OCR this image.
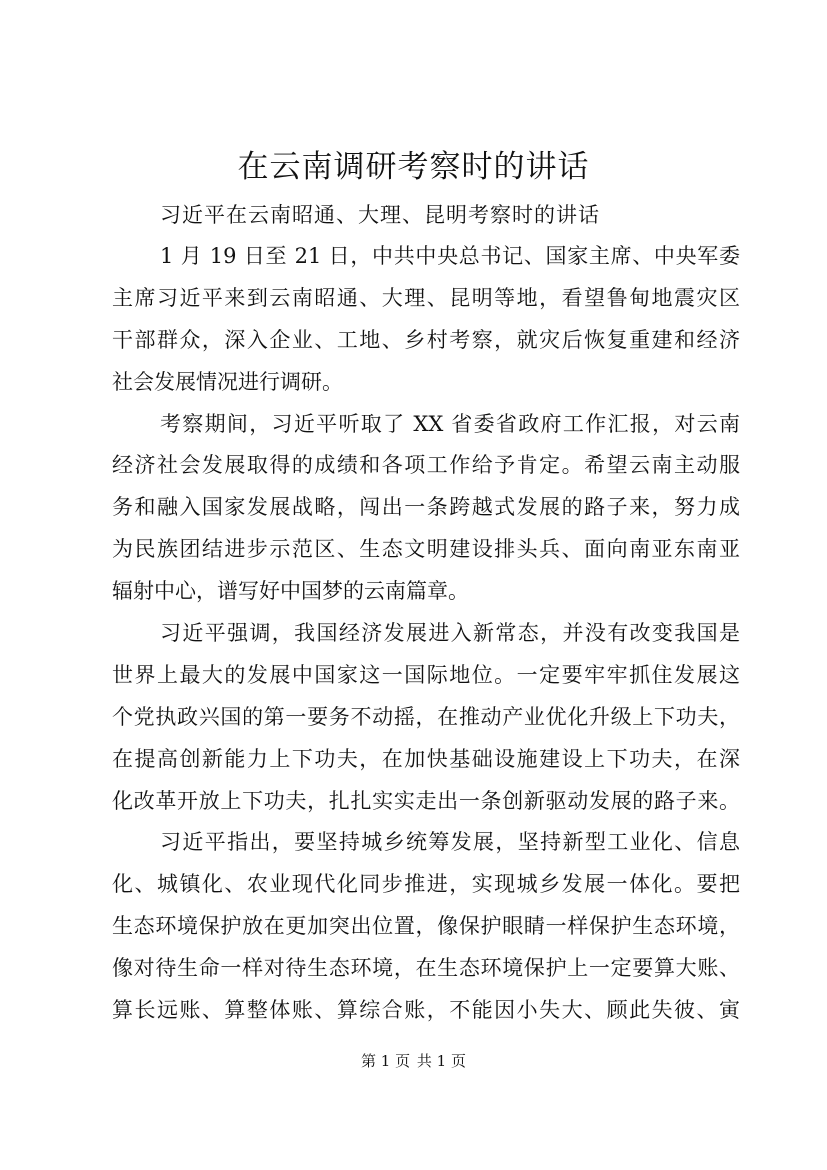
在云南调研考察时的讲话

习近平在云南昭通、大理、昆明考察时的讲话

1 月 19 日至 21 日，中共中央总书记、国家主席、中央军委
主席习近平来到云南昭通、大理、昆明等地，看望鲁甸地震灾区
干部群众，深入企业、工地、乡村考察，就灾后恢复重建和经济
社会发展情况进行调研。
考察期间，习近平听取了 XX 省委省政府工作汇报，对云南
经济社会发展取得的成绩和各项工作给予肯定。希望云南主动服
务和融入国家发展战略，闯出一条跨越式发展的路子来，努力成
为民族团结进步示范区、生态文明建设排头兵、面向南亚东南亚
辐射中心，谱写好中国梦的云南篇章。
习近平强调，我国经济发展进入新常态，并没有改变我国是
世界上最大的发展中国家这一国际地位。一定要牢牢抓住发展这
个党执政兴国的第一要务不动摇，在推动产业优化升级上下功夫，
在提高创新能力上下功夫，在加快基础设施建设上下功夫，在深
化改革开放上下功夫，扎扎实实走出一条创新驱动发展的路子来。
习近平指出，要坚持城乡统筹发展，坚持新型工业化、信息
化、城镇化、农业现代化同步推进，实现城乡发展一体化。要把
生态环境保护放在更加突出位置，像保护眼睛一样保护生态环境，
像对待生命一样对待生态环境，在生态环境保护上一定要算大账、
算长远账、算整体账、算综合账，不能因小失大、顾此失彼、寅
第 1 页 共 1 页
